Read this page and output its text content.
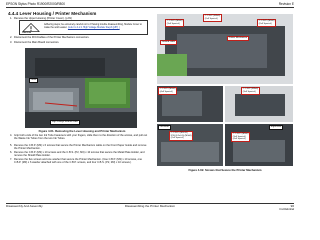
EPSON Stylus Photo R1900/R2000/R800	Revision E
4.4.4 Lever Housing / Printer Mechanism
1. Remove the Upper Housing (Printer Cover). (p.81)
CAUTION
Adhering steps; be extremely careful not to If having trouble disassembling, Module Cover to make the work easier. (refer to 4.2.1 High Voltage Module Step3 (p87) )
2. Disconnect the FFC/Cables of the Printer Mechanism connectors.
3. Disconnect the Main Board connectors.
High Voltage Module cable
Lever
Figure 4-61. Removing the Lever Housing and Printer Mechanism
4. Grip both ends of the two Ink Tube Fasteners with your fingers, slide them to the direction of the arrows, and pull out the Waste Ink Tubes from the two Ink Tubes.
5. Remove the C.B.P. (M3) x 6 screws that secure the Printer Mechanism cable on the Front Paper Guide and remove the Printer Mechanism.
6. Remove the C.B.P. (M3) x 10 screws and the C.B.S. (P2, M3) x 10 screws that secure the Metal Plate Holder, and remove the Shield Plate Holder.
7. Remove the five screws and one washer that secure the Printer Mechanism. (Use C.B.P. (M3) x 10 screws, one C.B.P. (M3) x 6 washer attached with one of the C.B.P. screws, and four C.B.S. (P2, M3) x 10 screws.)
C.C.B.P (M3x6)
(2x5 Special)
C.C.B.P. (M3x6)
(3x5 Special)
C.C.B.P. (M3x6)
(2x5 Special)
Printer Mechanism
Ground cable
C.C.B.P. (M3x8)
(4x5 Special)
C.C.B.P (M3x6)
(3x5 Special)
Left Rear
C.C.B.P. (M3x10)
F/W (8.2x0.5) (M3x8)
(2x5 Special)
Right Rear
C.C.B.P. (M3x6)
(3x5 Special)
(4x5 Special)
Figure 4-62. Screws that Secure the Printer Mechanism
Disassembly And Assembly	Disassembling the Printer Mechanism	96
Confidential
